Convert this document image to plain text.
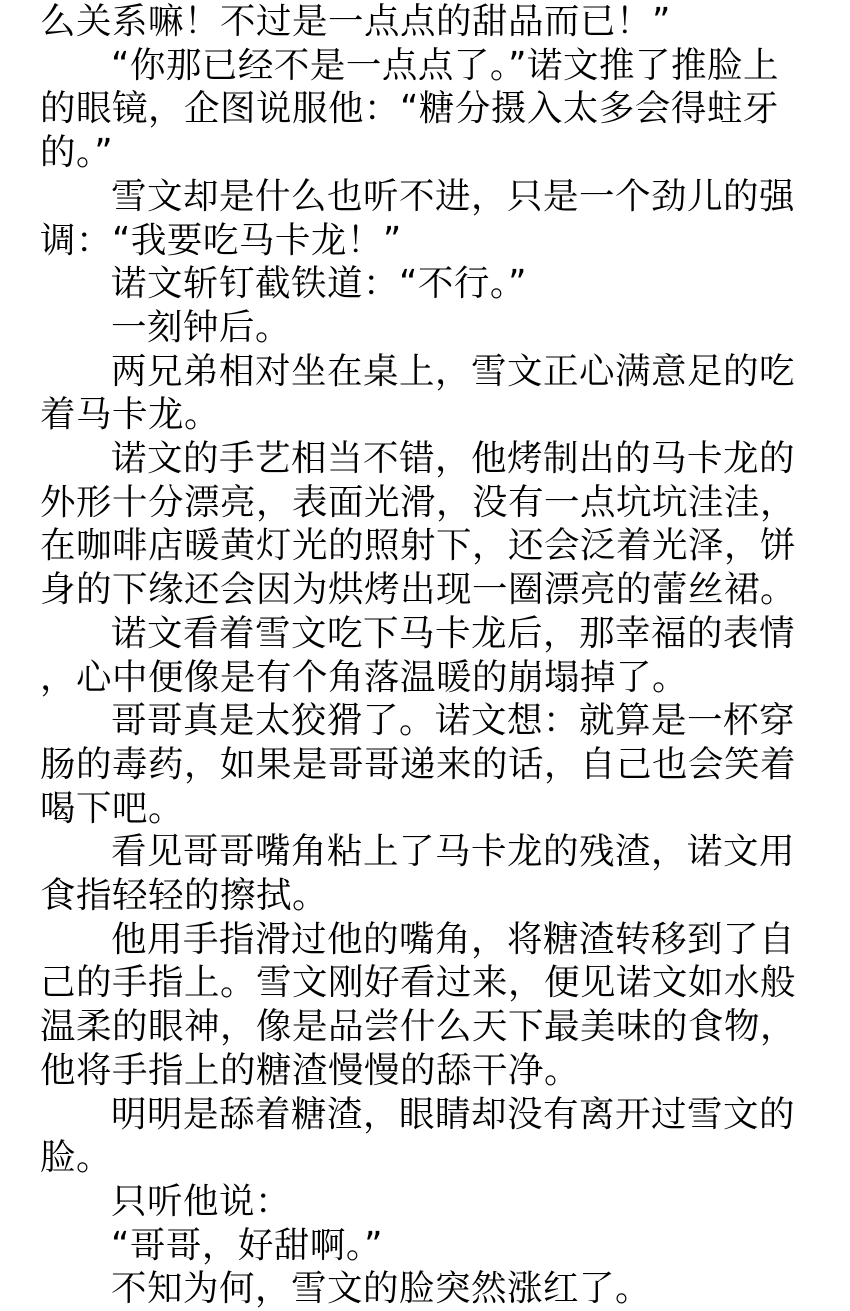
么关系嘛！不过是一点点的甜品而已！”

“你那已经不是一点点了。”诺文推了推脸上的眼镜，企图说服他：“糖分摄入太多会得蛀牙的。”

雪文却是什么也听不进，只是一个劲儿的强调：“我要吃马卡龙！”

诺文斩钉截铁道：“不行。”

一刻钟后。

两兄弟相对坐在桌上，雪文正心满意足的吃着马卡龙。

诺文的手艺相当不错，他烤制出的马卡龙的外形十分漂亮，表面光滑，没有一点坑坑洼洼，在咖啡店暖黄灯光的照射下，还会泛着光泽，饼身的下缘还会因为烘烤出现一圈漂亮的蕾丝裙。

诺文看着雪文吃下马卡龙后，那幸福的表情，心中便像是有个角落温暖的崩塌掉了。

哥哥真是太狡猾了。诺文想：就算是一杯穿肠的毒药，如果是哥哥递来的话，自己也会笑着喝下吧。

看见哥哥嘴角粘上了马卡龙的残渣，诺文用食指轻轻的擦拭。

他用手指滑过他的嘴角，将糖渣转移到了自己的手指上。雪文刚好看过来，便见诺文如水般温柔的眼神，像是品尝什么天下最美味的食物，他将手指上的糖渣慢慢的舔干净。

明明是舔着糖渣，眼睛却没有离开过雪文的脸。

只听他说：

“哥哥，好甜啊。”

不知为何，雪文的脸突然涨红了。
